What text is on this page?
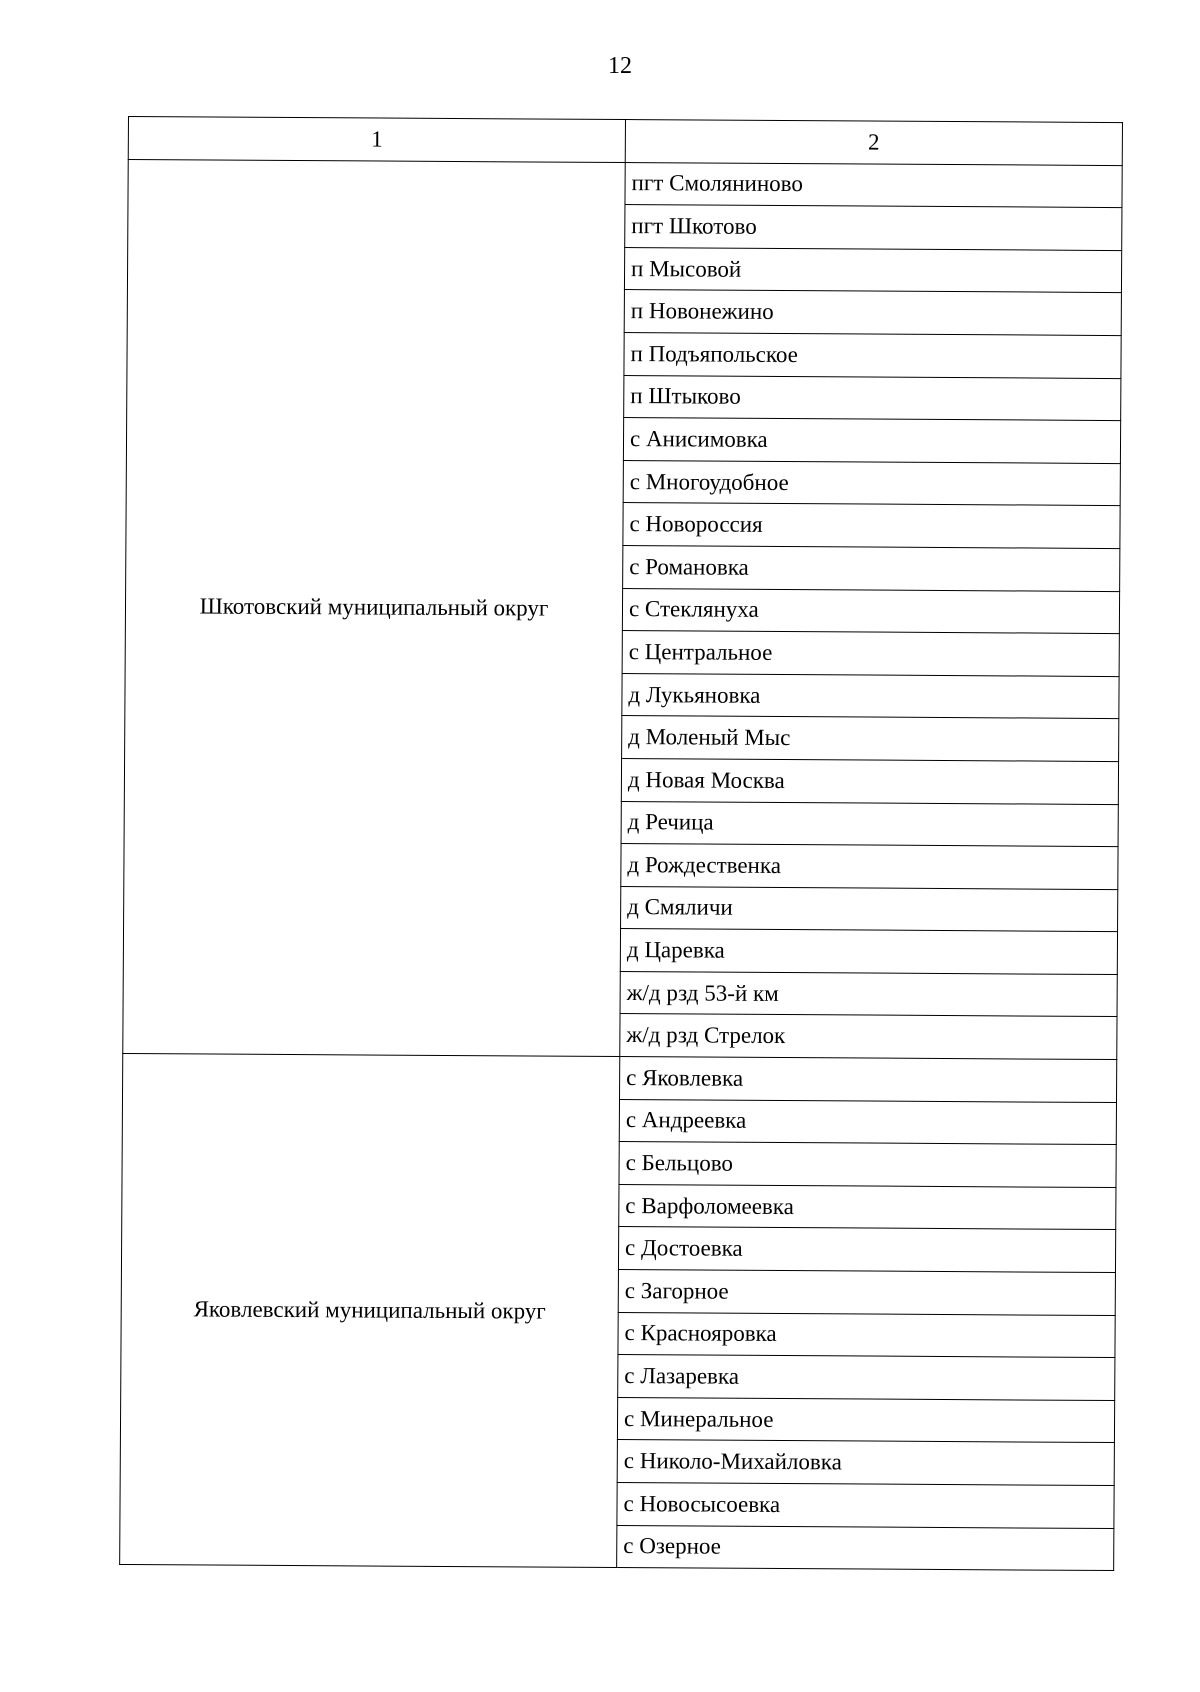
12
1	2
Шкотовский муниципальный округ	пгт Смоляниново
	пгт Шкотово
	п Мысовой
	п Новонежино
	п Подъяпольское
	п Штыково
	с Анисимовка
	с Многоудобное
	с Новороссия
	с Романовка
	с Стеклянуха
	с Центральное
	д Лукьяновка
	д Моленый Мыс
	д Новая Москва
	д Речица
	д Рождественка
	д Смяличи
	д Царевка
	ж/д рзд 53-й км
	ж/д рзд Стрелок
Яковлевский муниципальный округ	с Яковлевка
	с Андреевка
	с Бельцово
	с Варфоломеевка
	с Достоевка
	с Загорное
	с Краснояровка
	с Лазаревка
	с Минеральное
	с Николо-Михайловка
	с Новосысоевка
	с Озерное
